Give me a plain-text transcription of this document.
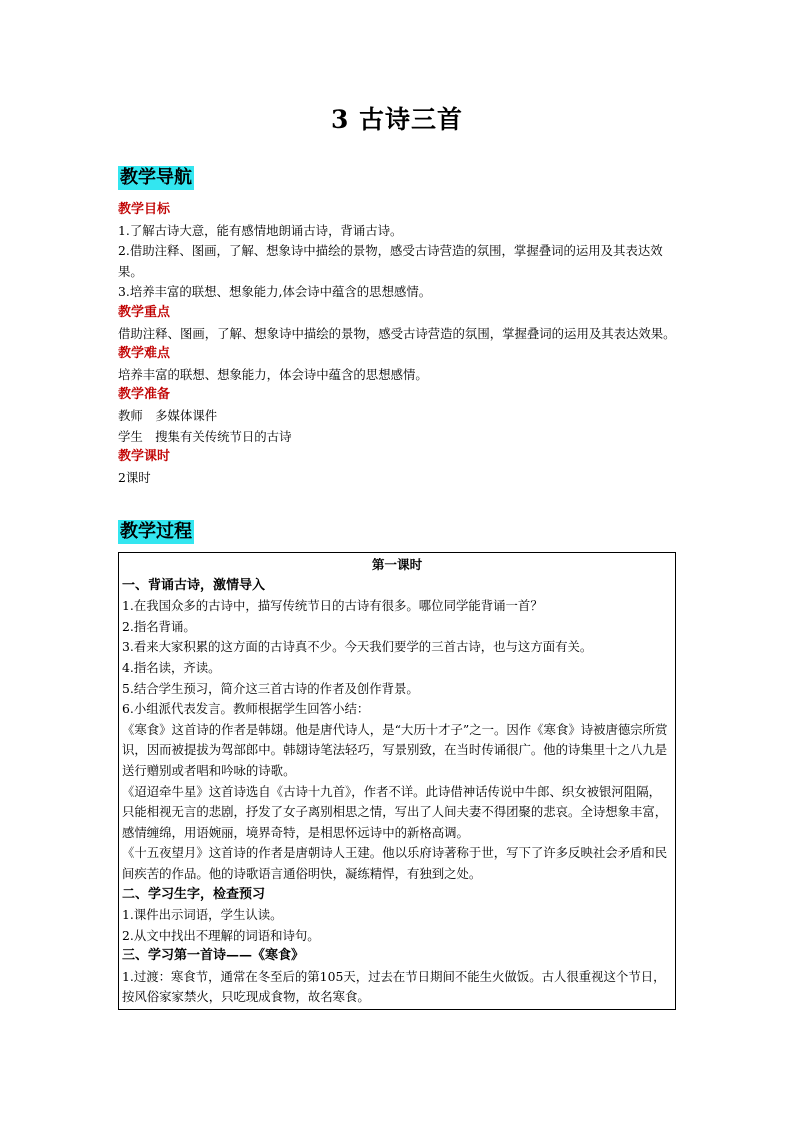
3 古诗三首
教学导航

教学目标

1.了解古诗大意，能有感情地朗诵古诗，背诵古诗。

2.借助注释、图画，了解、想象诗中描绘的景物，感受古诗营造的氛围，掌握叠词的运用及其表达效果。

3.培养丰富的联想、想象能力,体会诗中蕴含的思想感情。

教学重点

借助注释、图画，了解、想象诗中描绘的景物，感受古诗营造的氛围，掌握叠词的运用及其表达效果。

教学难点

培养丰富的联想、想象能力，体会诗中蕴含的思想感情。

教学准备

教师　多媒体课件

学生　搜集有关传统节日的古诗

教学课时

2课时

教学过程

第一课时

一、背诵古诗，激情导入

1.在我国众多的古诗中，描写传统节日的古诗有很多。哪位同学能背诵一首？

2.指名背诵。

3.看来大家积累的这方面的古诗真不少。今天我们要学的三首古诗，也与这方面有关。

4.指名读，齐读。

5.结合学生预习，简介这三首古诗的作者及创作背景。

6.小组派代表发言。教师根据学生回答小结：

《寒食》这首诗的作者是韩翃。他是唐代诗人，是“大历十才子”之一。因作《寒食》诗被唐德宗所赏识，因而被提拔为驾部郎中。韩翃诗笔法轻巧，写景别致，在当时传诵很广。他的诗集里十之八九是送行赠别或者唱和吟咏的诗歌。

《迢迢牵牛星》这首诗选自《古诗十九首》，作者不详。此诗借神话传说中牛郎、织女被银河阻隔，只能相视无言的悲剧，抒发了女子离别相思之情，写出了人间夫妻不得团聚的悲哀。全诗想象丰富，感情缠绵，用语婉丽，境界奇特，是相思怀远诗中的新格高调。

《十五夜望月》这首诗的作者是唐朝诗人王建。他以乐府诗著称于世，写下了许多反映社会矛盾和民间疾苦的作品。他的诗歌语言通俗明快，凝练精悍，有独到之处。

二、学习生字，检查预习

1.课件出示词语，学生认读。

2.从文中找出不理解的词语和诗句。

三、学习第一首诗——《寒食》

1.过渡：寒食节，通常在冬至后的第105天，过去在节日期间不能生火做饭。古人很重视这个节日，按风俗家家禁火，只吃现成食物，故名寒食。
